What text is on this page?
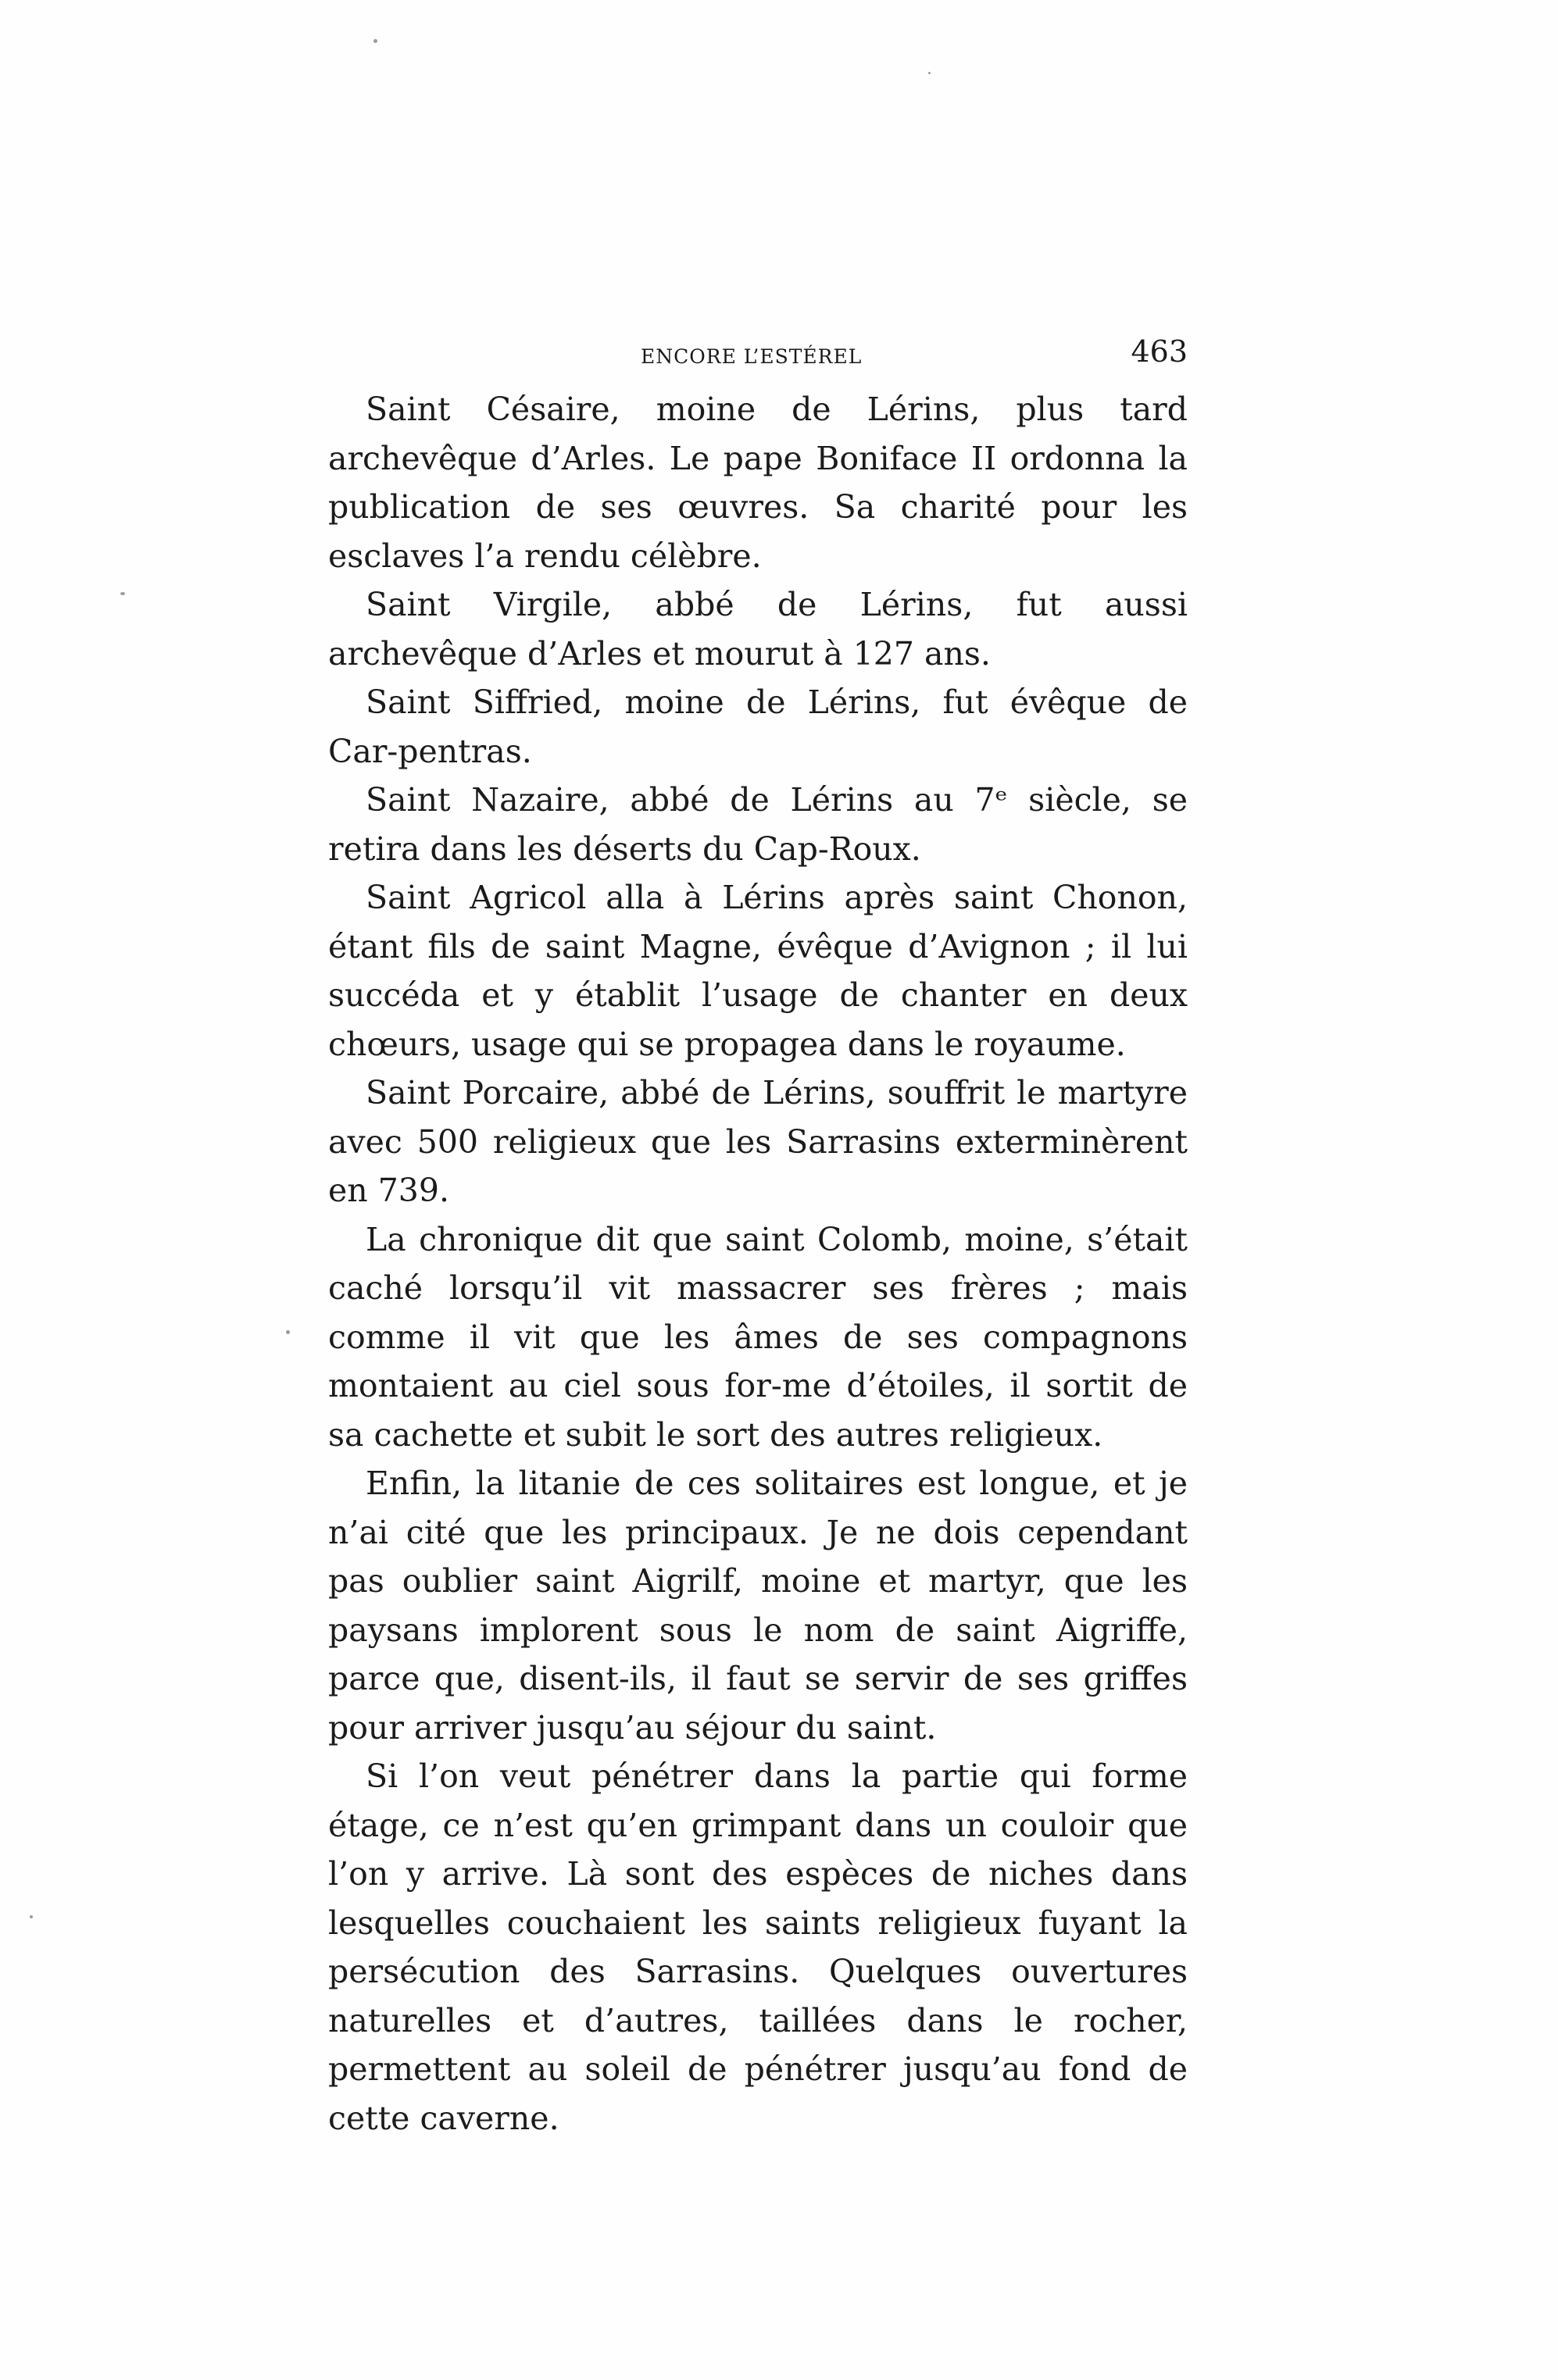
ENCORE L’ESTÉREL	463

Saint Césaire, moine de Lérins, plus tard archevêque d’Arles. Le pape Boniface II ordonna la publication de ses œuvres. Sa charité pour les esclaves l’a rendu célèbre.

Saint Virgile, abbé de Lérins, fut aussi archevêque d’Arles et mourut à 127 ans.

Saint Siffried, moine de Lérins, fut évêque de Car-pentras.

Saint Nazaire, abbé de Lérins au 7ᵉ siècle, se retira dans les déserts du Cap-Roux.

Saint Agricol alla à Lérins après saint Chonon, étant fils de saint Magne, évêque d’Avignon ; il lui succéda et y établit l’usage de chanter en deux chœurs, usage qui se propagea dans le royaume.

Saint Porcaire, abbé de Lérins, souffrit le martyre avec 500 religieux que les Sarrasins exterminèrent en 739.

La chronique dit que saint Colomb, moine, s’était caché lorsqu’il vit massacrer ses frères ; mais comme il vit que les âmes de ses compagnons montaient au ciel sous for-me d’étoiles, il sortit de sa cachette et subit le sort des autres religieux.

Enfin, la litanie de ces solitaires est longue, et je n’ai cité que les principaux. Je ne dois cependant pas oublier saint Aigrilf, moine et martyr, que les paysans implorent sous le nom de saint Aigriffe, parce que, disent-ils, il faut se servir de ses griffes pour arriver jusqu’au séjour du saint.

Si l’on veut pénétrer dans la partie qui forme étage, ce n’est qu’en grimpant dans un couloir que l’on y arrive. Là sont des espèces de niches dans lesquelles couchaient les saints religieux fuyant la persécution des Sarrasins. Quelques ouvertures naturelles et d’autres, taillées dans le rocher, permettent au soleil de pénétrer jusqu’au fond de cette caverne.
